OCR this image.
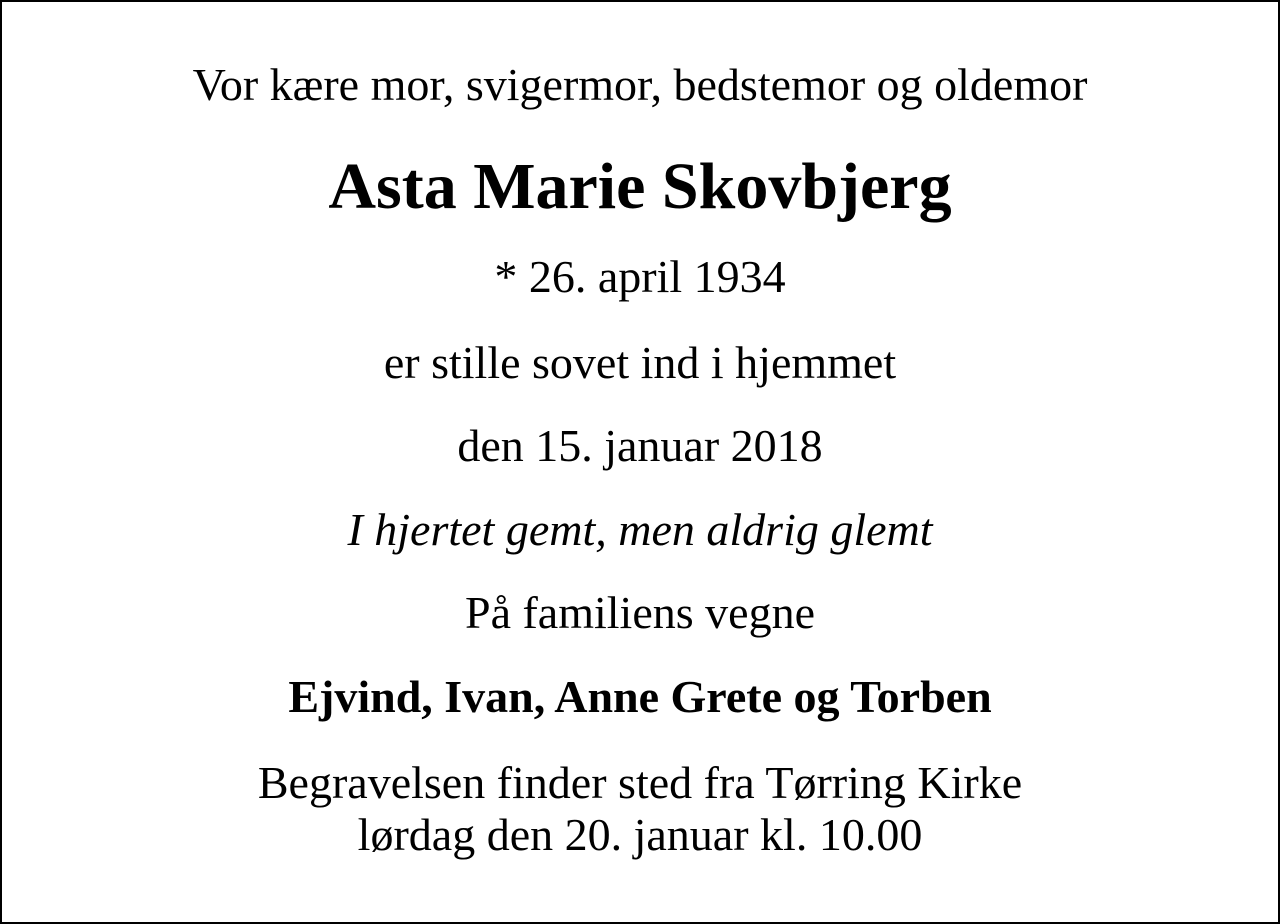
Vor kære mor, svigermor, bedstemor og oldemor
Asta Marie Skovbjerg
* 26. april 1934
er stille sovet ind i hjemmet
den 15. januar 2018
I hjertet gemt, men aldrig glemt
På familiens vegne
Ejvind, Ivan, Anne Grete og Torben
Begravelsen finder sted fra Tørring Kirke
lørdag den 20. januar kl. 10.00
